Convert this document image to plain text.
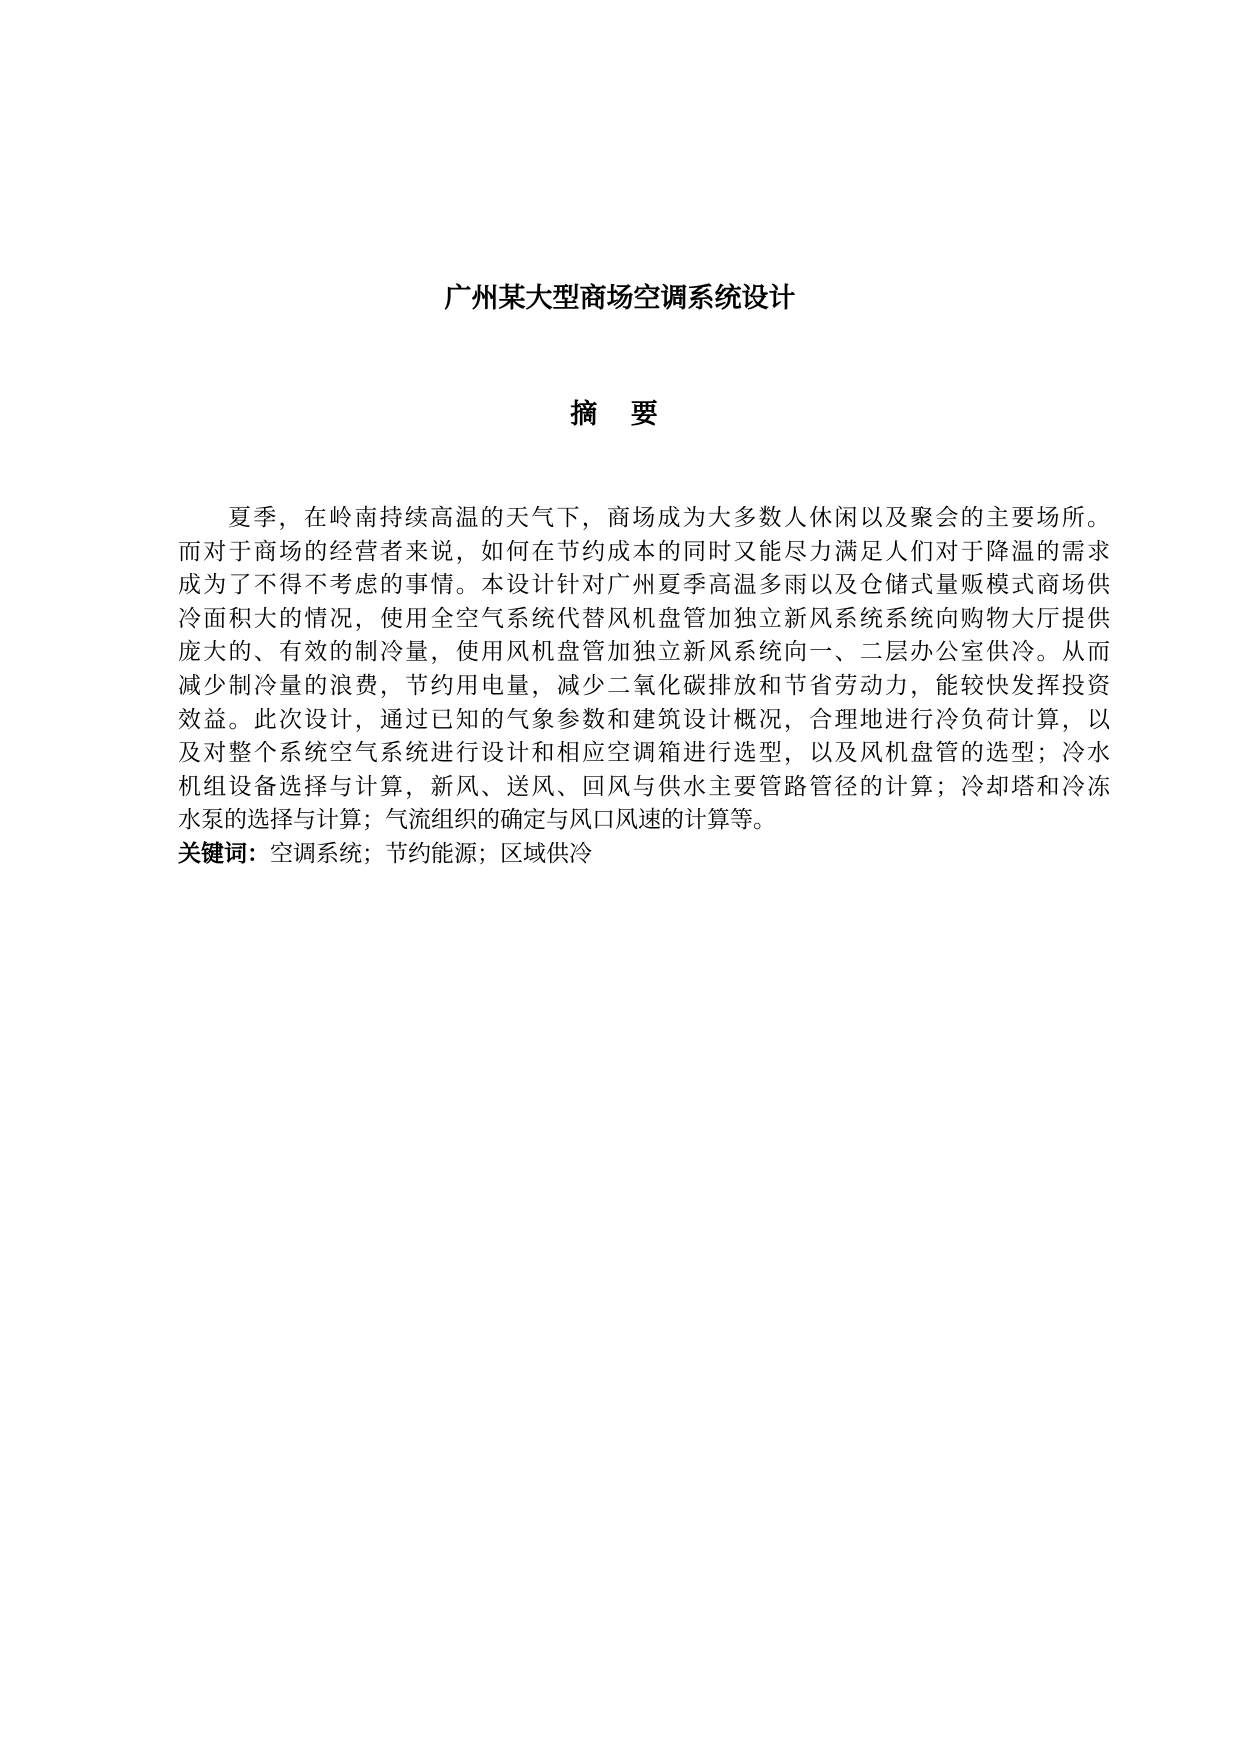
广州某大型商场空调系统设计
摘 要
夏季，在岭南持续高温的天气下，商场成为大多数人休闲以及聚会的主要场所。
而对于商场的经营者来说，如何在节约成本的同时又能尽力满足人们对于降温的需求
成为了不得不考虑的事情。本设计针对广州夏季高温多雨以及仓储式量贩模式商场供
冷面积大的情况，使用全空气系统代替风机盘管加独立新风系统系统向购物大厅提供
庞大的、有效的制冷量，使用风机盘管加独立新风系统向一、二层办公室供冷。从而
减少制冷量的浪费，节约用电量，减少二氧化碳排放和节省劳动力，能较快发挥投资
效益。此次设计，通过已知的气象参数和建筑设计概况，合理地进行冷负荷计算，以
及对整个系统空气系统进行设计和相应空调箱进行选型，以及风机盘管的选型；冷水
机组设备选择与计算，新风、送风、回风与供水主要管路管径的计算；冷却塔和冷冻
水泵的选择与计算；气流组织的确定与风口风速的计算等。
关键词：空调系统；节约能源；区域供冷
